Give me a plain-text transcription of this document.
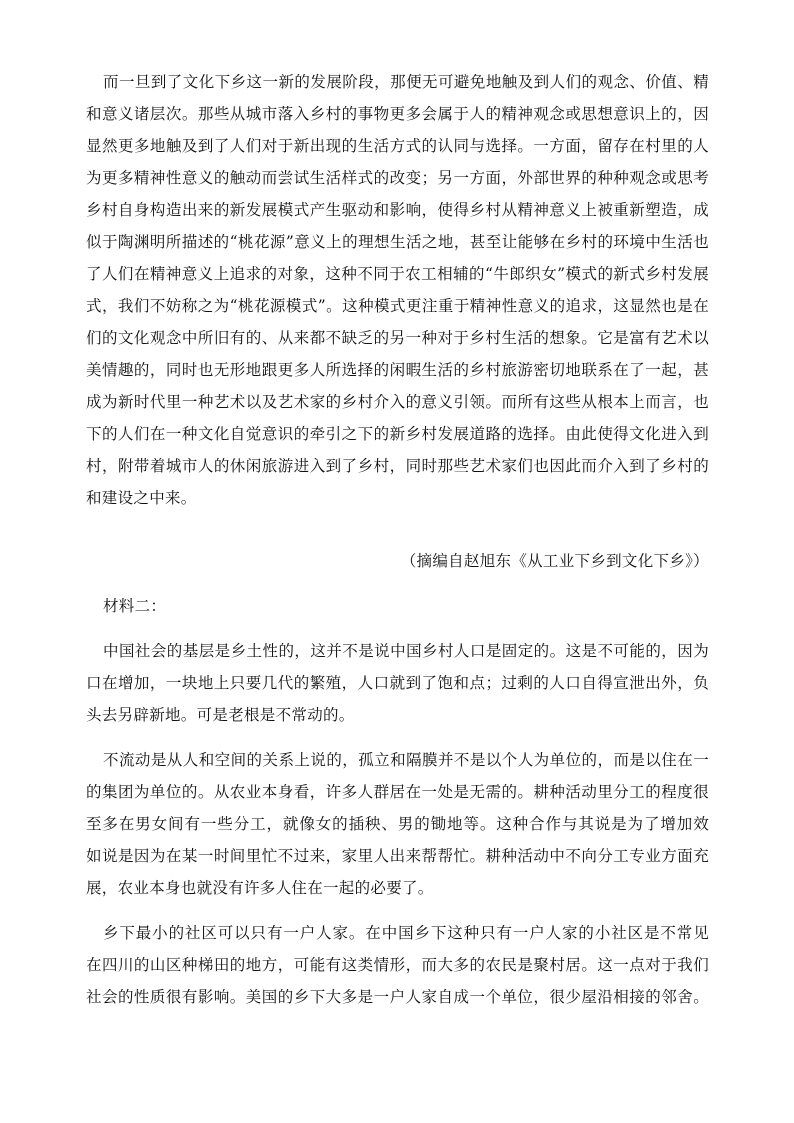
而一旦到了文化下乡这一新的发展阶段，那便无可避免地触及到人们的观念、价值、精
和意义诸层次。那些从城市落入乡村的事物更多会属于人的精神观念或思想意识上的，因
显然更多地触及到了人们对于新出现的生活方式的认同与选择。一方面，留存在村里的人
为更多精神性意义的触动而尝试生活样式的改变；另一方面，外部世界的种种观念或思考
乡村自身构造出来的新发展模式产生驱动和影响，使得乡村从精神意义上被重新塑造，成
似于陶渊明所描述的“桃花源”意义上的理想生活之地，甚至让能够在乡村的环境中生活也
了人们在精神意义上追求的对象，这种不同于农工相辅的“牛郎织女”模式的新式乡村发展
式，我们不妨称之为“桃花源模式”。这种模式更注重于精神性意义的追求，这显然也是在
们的文化观念中所旧有的、从来都不缺乏的另一种对于乡村生活的想象。它是富有艺术以
美情趣的，同时也无形地跟更多人所选择的闲暇生活的乡村旅游密切地联系在了一起，甚
成为新时代里一种艺术以及艺术家的乡村介入的意义引领。而所有这些从根本上而言，也
下的人们在一种文化自觉意识的牵引之下的新乡村发展道路的选择。由此使得文化进入到
村，附带着城市人的休闲旅游进入到了乡村，同时那些艺术家们也因此而介入到了乡村的
和建设之中来。
（摘编自赵旭东《从工业下乡到文化下乡》）
材料二：
中国社会的基层是乡土性的，这并不是说中国乡村人口是固定的。这是不可能的，因为
口在增加，一块地上只要几代的繁殖，人口就到了饱和点；过剩的人口自得宣泄出外，负
头去另辟新地。可是老根是不常动的。
不流动是从人和空间的关系上说的，孤立和隔膜并不是以个人为单位的，而是以住在一
的集团为单位的。从农业本身看，许多人群居在一处是无需的。耕种活动里分工的程度很
至多在男女间有一些分工，就像女的插秧、男的锄地等。这种合作与其说是为了增加效
如说是因为在某一时间里忙不过来，家里人出来帮帮忙。耕种活动中不向分工专业方面充
展，农业本身也就没有许多人住在一起的必要了。
乡下最小的社区可以只有一户人家。在中国乡下这种只有一户人家的小社区是不常见
在四川的山区种梯田的地方，可能有这类情形，而大多的农民是聚村居。这一点对于我们
社会的性质很有影响。美国的乡下大多是一户人家自成一个单位，很少屋沿相接的邻舍。
